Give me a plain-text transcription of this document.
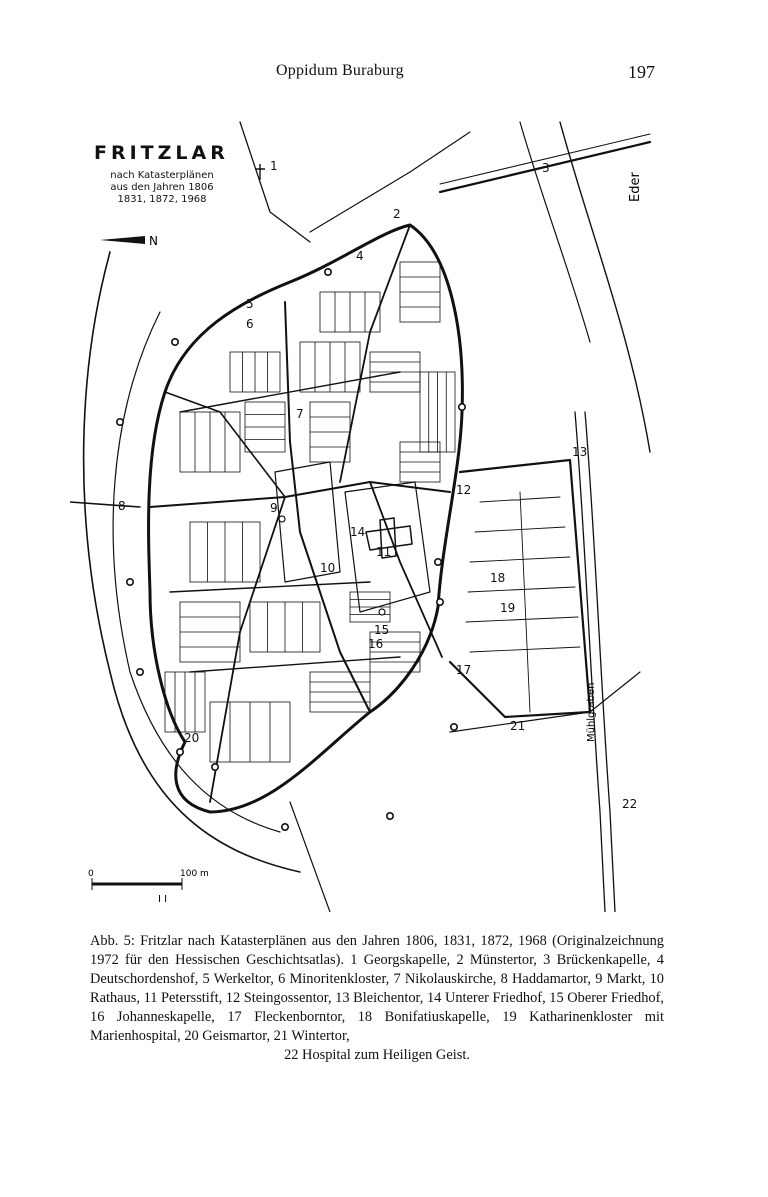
Oppidum Buraburg	197
1
2
3
4
5
6
7
8	9
10
11
12
13
14
15
16
17
18
19
20
21
22
N
Eder
Mühlgraben
0	100 m
I I
FRITZLAR
nach Katasterplänen
aus den Jahren 1806
1831, 1872, 1968
Abb. 5: Fritzlar nach Katasterplänen aus den Jahren 1806, 1831, 1872, 1968 (Originalzeichnung 1972 für den Hessischen Geschichtsatlas). 1 Georgskapelle, 2 Münstertor, 3 Brückenkapelle, 4 Deutschordenshof, 5 Werkeltor, 6 Minoritenkloster, 7 Nikolauskirche, 8 Haddamartor, 9 Markt, 10 Rathaus, 11 Petersstift, 12 Steingossentor, 13 Bleichentor, 14 Unterer Friedhof, 15 Oberer Friedhof, 16 Johanneskapelle, 17 Fleckenborntor, 18 Bonifatiuskapelle, 19 Katharinenkloster mit Marienhospital, 20 Geismartor, 21 Wintertor,
22 Hospital zum Heiligen Geist.
